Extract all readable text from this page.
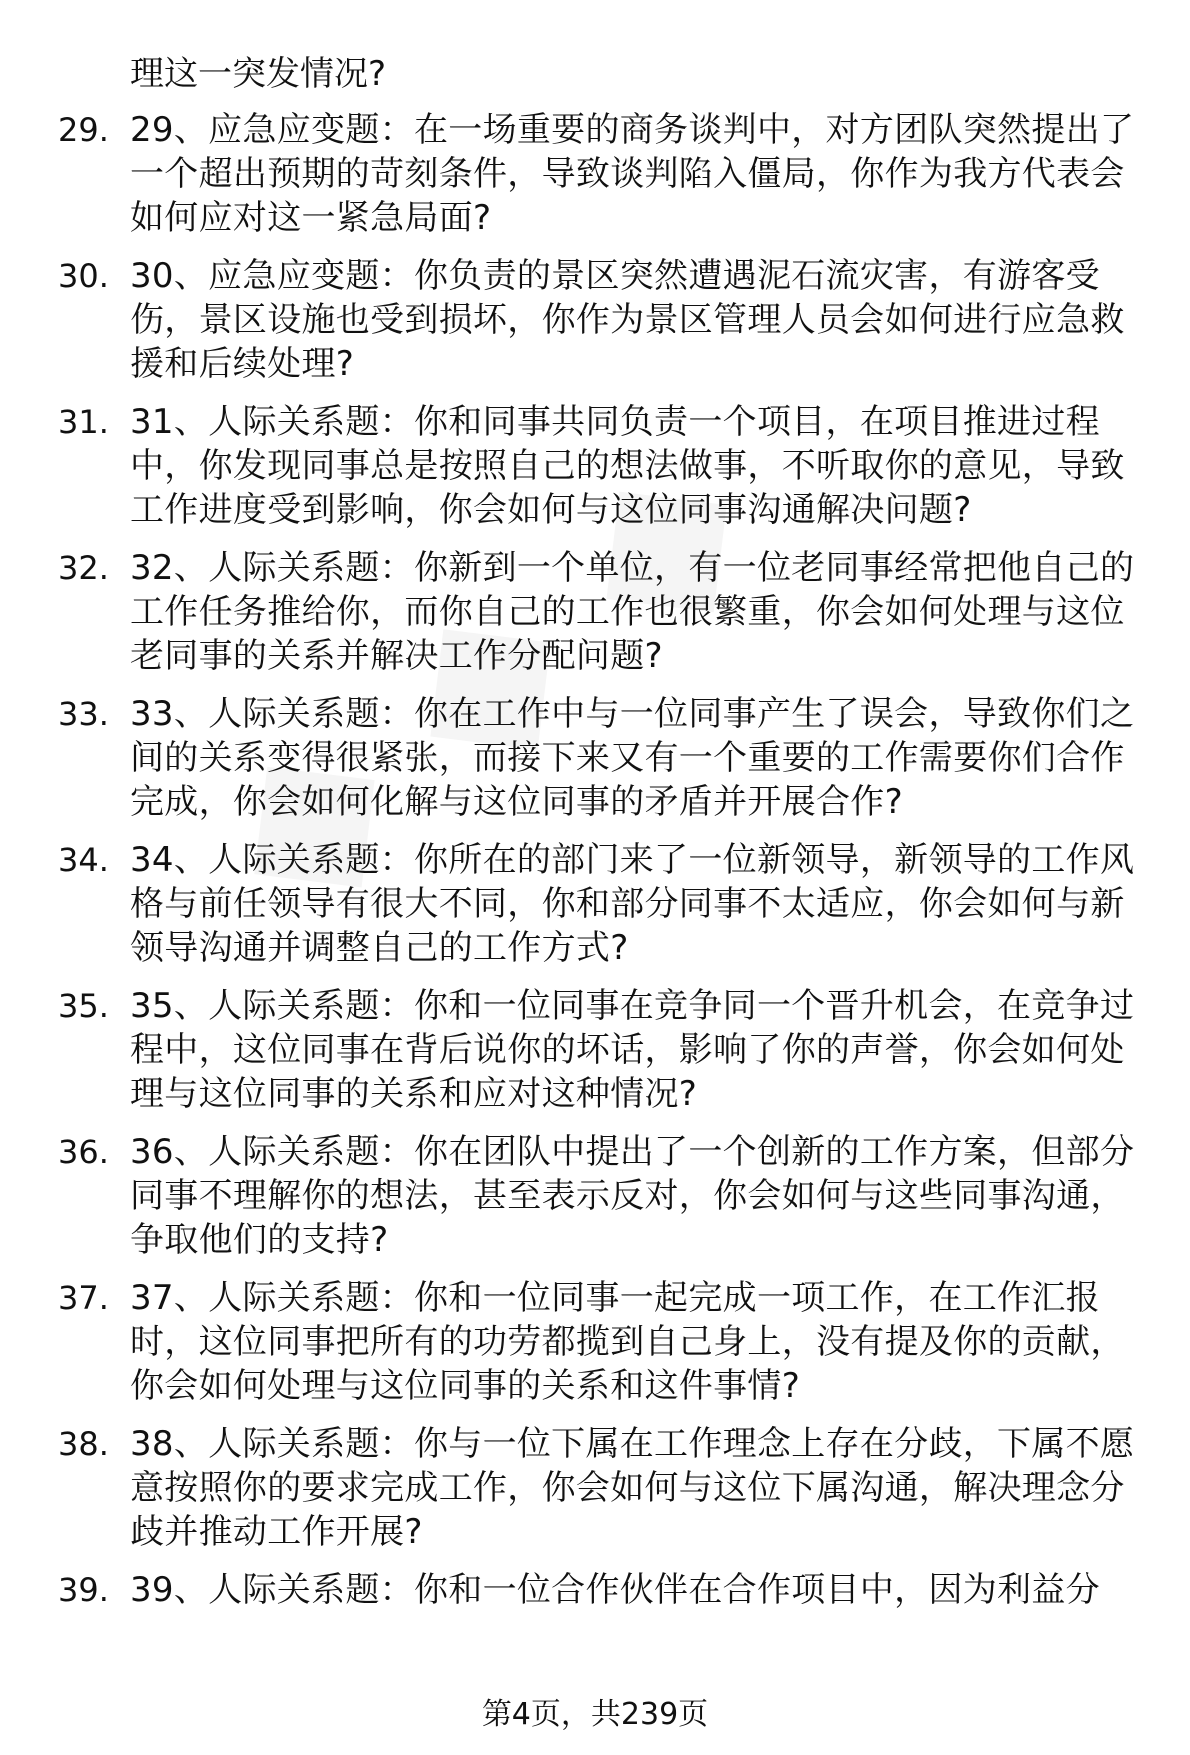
理这一突发情况?
29. 29、应急应变题：在一场重要的商务谈判中，对方团队突然提出了一个超出预期的苛刻条件，导致谈判陷入僵局，你作为我方代表会如何应对这一紧急局面?
30. 30、应急应变题：你负责的景区突然遭遇泥石流灾害，有游客受伤，景区设施也受到损坏，你作为景区管理人员会如何进行应急救援和后续处理?
31. 31、人际关系题：你和同事共同负责一个项目，在项目推进过程中，你发现同事总是按照自己的想法做事，不听取你的意见，导致工作进度受到影响，你会如何与这位同事沟通解决问题?
32. 32、人际关系题：你新到一个单位，有一位老同事经常把他自己的工作任务推给你，而你自己的工作也很繁重，你会如何处理与这位老同事的关系并解决工作分配问题?
33. 33、人际关系题：你在工作中与一位同事产生了误会，导致你们之间的关系变得很紧张，而接下来又有一个重要的工作需要你们合作完成，你会如何化解与这位同事的矛盾并开展合作?
34. 34、人际关系题：你所在的部门来了一位新领导，新领导的工作风格与前任领导有很大不同，你和部分同事不太适应，你会如何与新领导沟通并调整自己的工作方式?
35. 35、人际关系题：你和一位同事在竞争同一个晋升机会，在竞争过程中，这位同事在背后说你的坏话，影响了你的声誉，你会如何处理与这位同事的关系和应对这种情况?
36. 36、人际关系题：你在团队中提出了一个创新的工作方案，但部分同事不理解你的想法，甚至表示反对，你会如何与这些同事沟通，争取他们的支持?
37. 37、人际关系题：你和一位同事一起完成一项工作，在工作汇报时，这位同事把所有的功劳都揽到自己身上，没有提及你的贡献，你会如何处理与这位同事的关系和这件事情?
38. 38、人际关系题：你与一位下属在工作理念上存在分歧，下属不愿意按照你的要求完成工作，你会如何与这位下属沟通，解决理念分歧并推动工作开展?
39. 39、人际关系题：你和一位合作伙伴在合作项目中，因为利益分
第4页，共239页
